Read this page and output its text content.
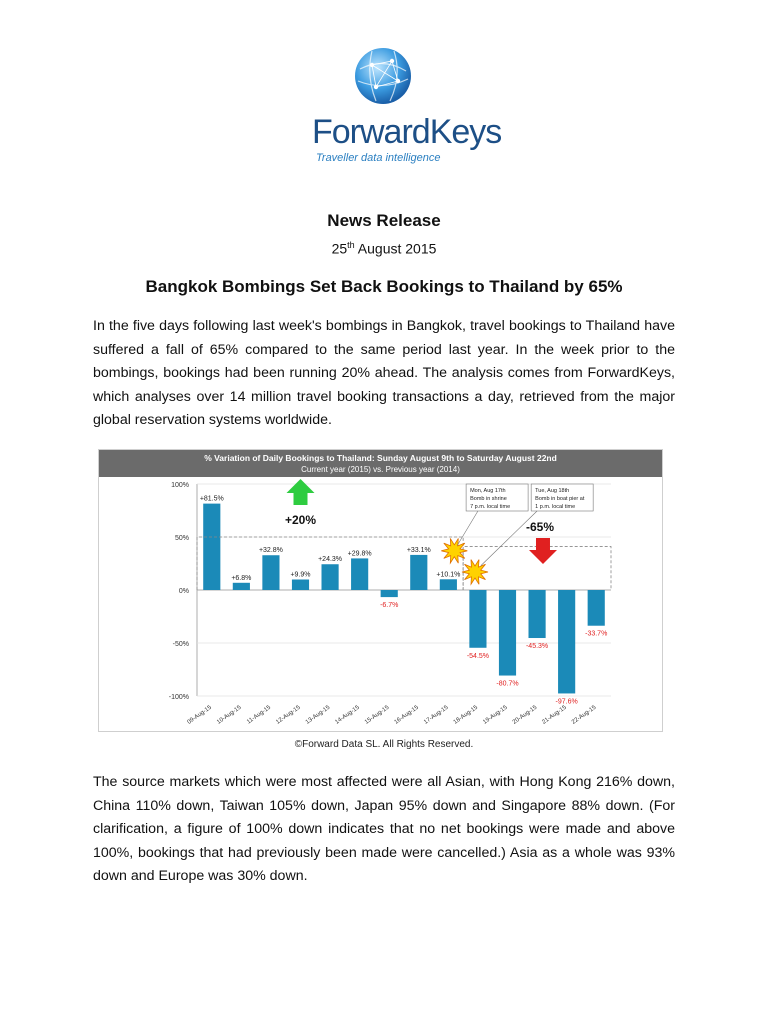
ForwardKeys
Traveller data intelligence
News Release
25th August 2015
Bangkok Bombings Set Back Bookings to Thailand by 65%

In the five days following last week's bombings in Bangkok, travel bookings to Thailand have suffered a fall of 65% compared to the same period last year. In the week prior to the bombings, bookings had been running 20% ahead. The analysis comes from ForwardKeys, which analyses over 14 million travel booking transactions a day, retrieved from the major global reservation systems worldwide.

% Variation of Daily Bookings to Thailand: Sunday August 9th to Saturday August 22nd
Current year (2015) vs. Previous year (2014)
100%
50%
0%
-50%
-100%
+81.5%
09-Aug-15
+6.8%
10-Aug-15
+32.8%
11-Aug-15
+9.9%
12-Aug-15
+24.3%
13-Aug-15
+29.8%
14-Aug-15
-6.7%
15-Aug-15
+33.1%
16-Aug-15
+10.1%
17-Aug-15
-54.5%
18-Aug-15
-80.7%
19-Aug-15
-45.3%
20-Aug-15
-97.6%
21-Aug-15
-33.7%
22-Aug-15
+20%	-65%
Mon, Aug 17th
Bomb in shrine
7 p.m. local time
Tue, Aug 18th
Bomb in boat pier at
1 p.m. local time
©Forward Data SL. All Rights Reserved.

The source markets which were most affected were all Asian, with Hong Kong 216% down, China 110% down, Taiwan 105% down, Japan 95% down and Singapore 88% down. (For clarification, a figure of 100% down indicates that no net bookings were made and above 100%, bookings that had previously been made were cancelled.) Asia as a whole was 93% down and Europe was 30% down.
